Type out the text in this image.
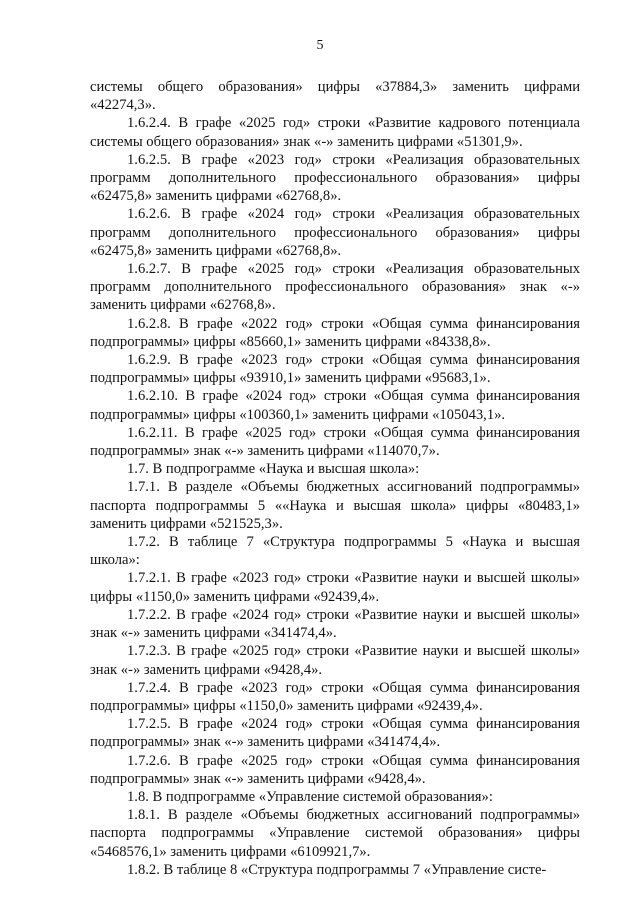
5

системы общего образования» цифры «37884,3» заменить цифрами «42274,3».

1.6.2.4. В графе «2025 год» строки «Развитие кадрового потенциала системы общего образования» знак «-» заменить цифрами «51301,9».

1.6.2.5. В графе «2023 год» строки «Реализация образовательных программ дополнительного профессионального образования» цифры «62475,8» заменить цифрами «62768,8».

1.6.2.6. В графе «2024 год» строки «Реализация образовательных программ дополнительного профессионального образования» цифры «62475,8» заменить цифрами «62768,8».

1.6.2.7. В графе «2025 год» строки «Реализация образовательных программ дополнительного профессионального образования» знак «-» заменить цифрами «62768,8».

1.6.2.8. В графе «2022 год» строки «Общая сумма финансирования подпрограммы» цифры «85660,1» заменить цифрами «84338,8».

1.6.2.9. В графе «2023 год» строки «Общая сумма финансирования подпрограммы» цифры «93910,1» заменить цифрами «95683,1».

1.6.2.10. В графе «2024 год» строки «Общая сумма финансирования подпрограммы» цифры «100360,1» заменить цифрами «105043,1».

1.6.2.11. В графе «2025 год» строки «Общая сумма финансирования подпрограммы» знак «-» заменить цифрами «114070,7».

1.7. В подпрограмме «Наука и высшая школа»:

1.7.1. В разделе «Объемы бюджетных ассигнований подпрограммы» паспорта подпрограммы 5 ««Наука и высшая школа» цифры «80483,1» заменить цифрами «521525,3».

1.7.2. В таблице 7 «Структура подпрограммы 5 «Наука и высшая школа»:

1.7.2.1. В графе «2023 год» строки «Развитие науки и высшей школы» цифры «1150,0» заменить цифрами «92439,4».

1.7.2.2. В графе «2024 год» строки «Развитие науки и высшей школы» знак «-» заменить цифрами «341474,4».

1.7.2.3. В графе «2025 год» строки «Развитие науки и высшей школы» знак «-» заменить цифрами «9428,4».

1.7.2.4. В графе «2023 год» строки «Общая сумма финансирования подпрограммы» цифры «1150,0» заменить цифрами «92439,4».

1.7.2.5. В графе «2024 год» строки «Общая сумма финансирования подпрограммы» знак «-» заменить цифрами «341474,4».

1.7.2.6. В графе «2025 год» строки «Общая сумма финансирования подпрограммы» знак «-» заменить цифрами «9428,4».

1.8. В подпрограмме «Управление системой образования»:

1.8.1. В разделе «Объемы бюджетных ассигнований подпрограммы» паспорта подпрограммы «Управление системой образования» цифры «5468576,1» заменить цифрами «6109921,7».

1.8.2. В таблице 8 «Структура подпрограммы 7 «Управление систе-
